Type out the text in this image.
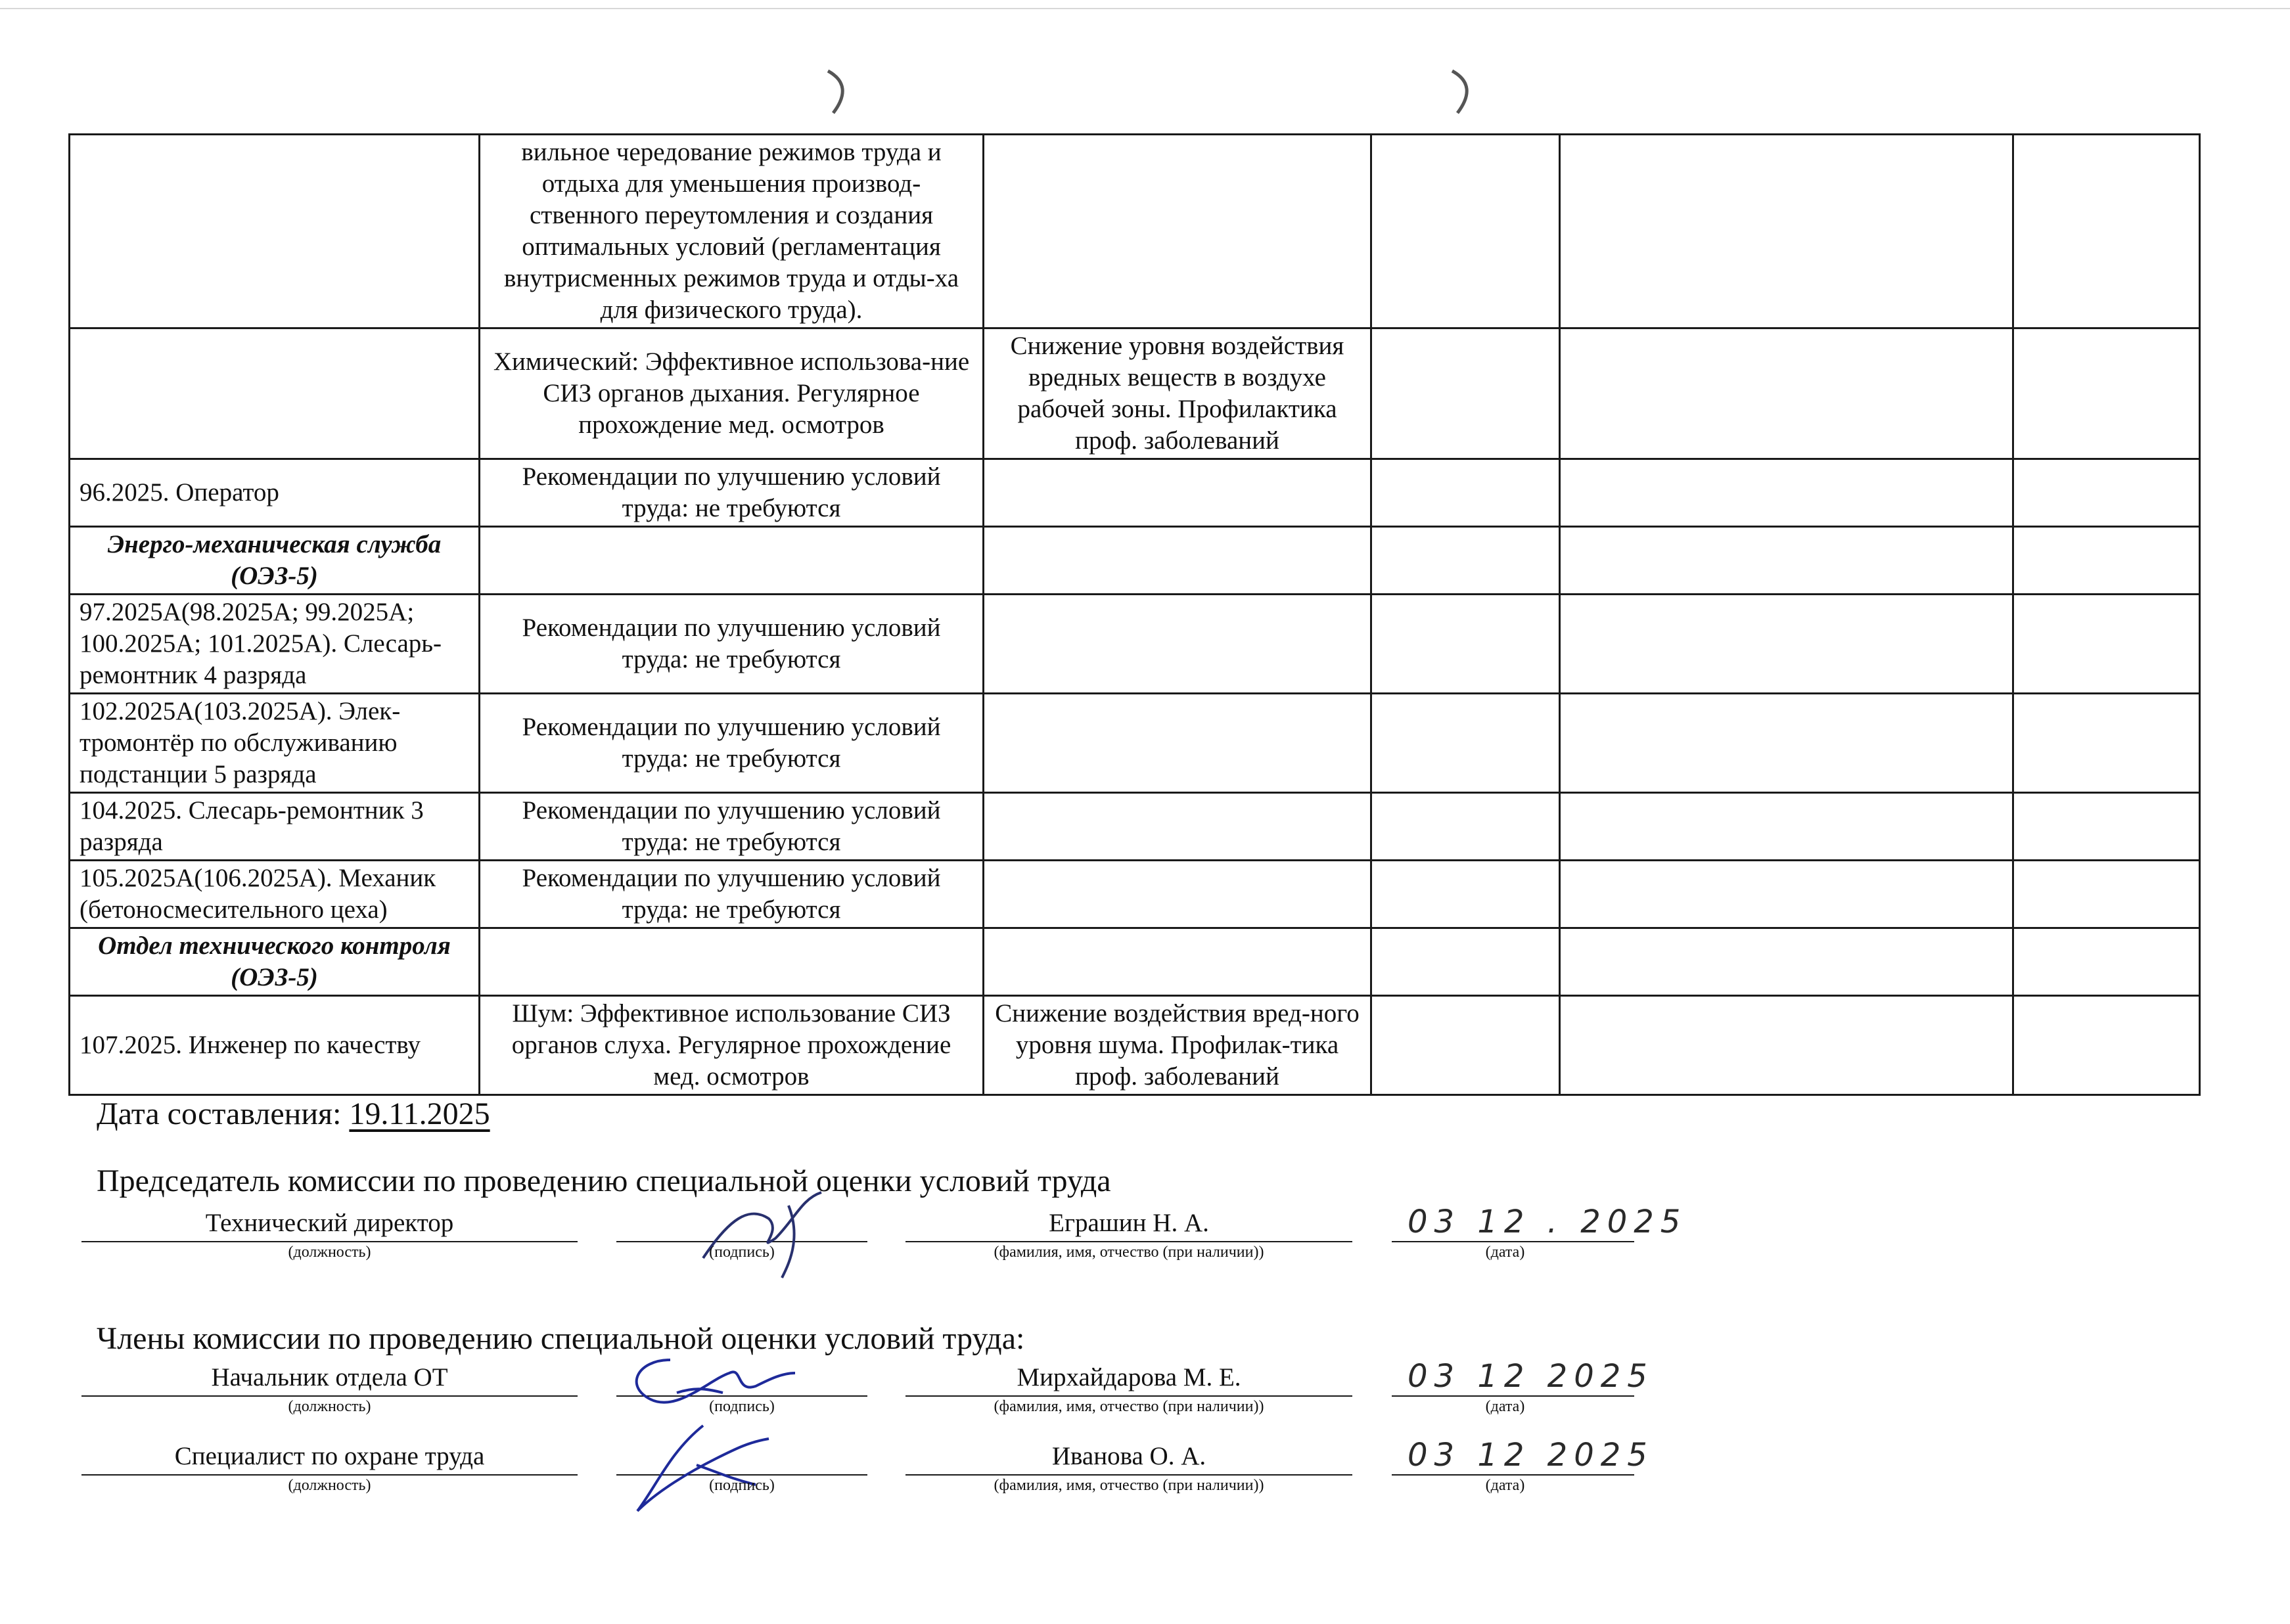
	вильное чередование режимов труда и отдыха для уменьшения производ-ственного переутомления и создания оптимальных условий (регламентация внутрисменных режимов труда и отды-ха для физического труда).				
	Химический: Эффективное использова-ние СИЗ органов дыхания. Регулярное прохождение мед. осмотров	Снижение уровня воздействия вредных веществ в воздухе рабочей зоны. Профилактика проф. заболеваний			
96.2025. Оператор	Рекомендации по улучшению условий труда: не требуются				
Энерго-механическая служба (ОЭЗ-5)					
97.2025А(98.2025А; 99.2025А; 100.2025А; 101.2025А). Слесарь-ремонтник 4 разряда	Рекомендации по улучшению условий труда: не требуются				
102.2025А(103.2025А). Элек-тромонтёр по обслуживанию подстанции 5 разряда	Рекомендации по улучшению условий труда: не требуются				
104.2025. Слесарь-ремонтник 3 разряда	Рекомендации по улучшению условий труда: не требуются				
105.2025А(106.2025А). Механик (бетоносмесительного цеха)	Рекомендации по улучшению условий труда: не требуются				
Отдел технического контроля (ОЭЗ-5)					
107.2025. Инженер по качеству	Шум: Эффективное использование СИЗ органов слуха. Регулярное прохождение мед. осмотров	Снижение воздействия вред-ного уровня шума. Профилак-тика проф. заболеваний			
Дата составления: 19.11.2025
Председатель комиссии по проведению специальной оценки условий труда
Технический директор
(должность)	(подпись)
Еграшин Н. А.
(фамилия, имя, отчество (при наличии))
03 12 . 2025
(дата)
Члены комиссии по проведению специальной оценки условий труда:
Начальник отдела ОТ
(должность)	(подпись)
Мирхайдарова М. Е.
(фамилия, имя, отчество (при наличии))
03 12 2025
(дата)
Специалист по охране труда
(должность)	(подпись)
Иванова О. А.
(фамилия, имя, отчество (при наличии))
03 12 2025
(дата)
